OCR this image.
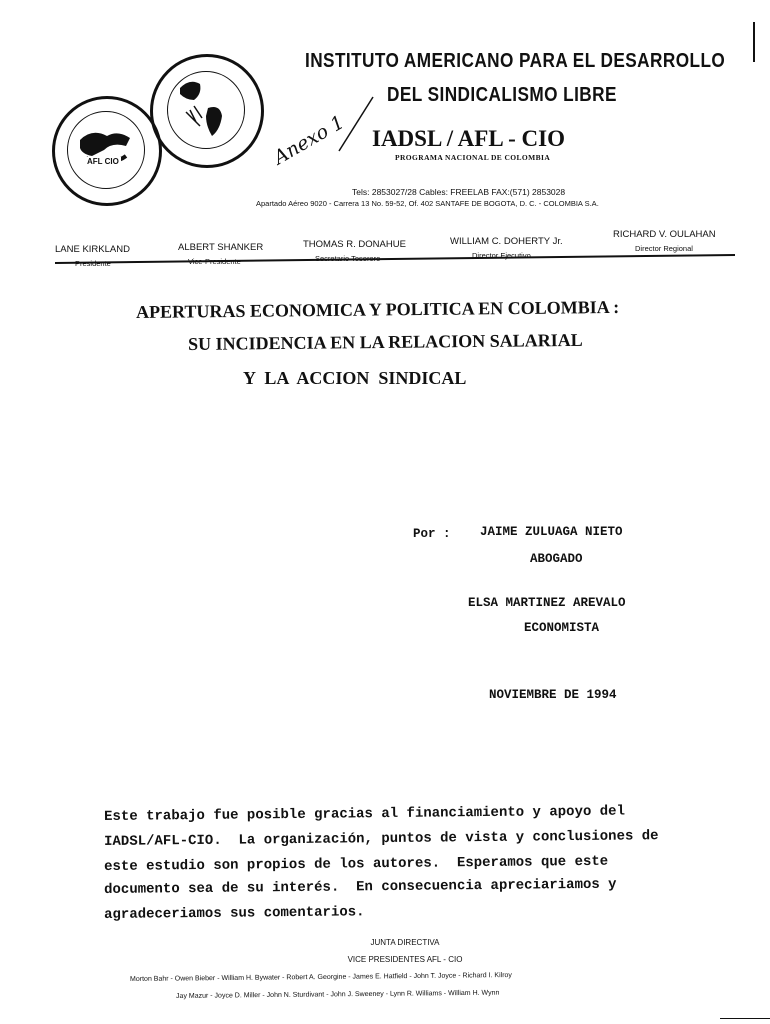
AFL CIO
INSTITUTO AMERICANO PARA EL DESARROLLO
DEL SINDICALISMO LIBRE
IADSL / AFL - CIO
PROGRAMA NACIONAL DE COLOMBIA
Anexo 1
Tels: 2853027/28 Cables: FREELAB FAX:(571) 2853028
Apartado Aéreo 9020 - Carrera 13 No. 59-52, Of. 402 SANTAFE DE BOGOTA, D. C. - COLOMBIA S.A.
LANE KIRKLAND
Presidente
ALBERT SHANKER
Vice-Presidente
THOMAS R. DONAHUE
Secretario Tesorero
WILLIAM C. DOHERTY Jr.
Director Ejecutivo
RICHARD V. OULAHAN
Director Regional
APERTURAS ECONOMICA Y POLITICA EN COLOMBIA :
SU INCIDENCIA EN LA RELACION SALARIAL
Y  LA  ACCION  SINDICAL
Por : JAIME ZULUAGA NIETO
ABOGADO
ELSA MARTINEZ AREVALO
ECONOMISTA
NOVIEMBRE DE 1994
Este trabajo fue posible gracias al financiamiento y apoyo del
IADSL/AFL-CIO.  La organización, puntos de vista y conclusiones de
este estudio son propios de los autores.  Esperamos que este
documento sea de su interés.  En consecuencia apreciariamos y
agradeceriamos sus comentarios.
JUNTA DIRECTIVA
VICE PRESIDENTES AFL - CIO
Morton Bahr - Owen Bieber - William H. Bywater - Robert A. Georgine - James E. Hatfield - John T. Joyce - Richard I. Kilroy
Jay Mazur - Joyce D. Miller - John N. Sturdivant - John J. Sweeney - Lynn R. Williams - William H. Wynn
